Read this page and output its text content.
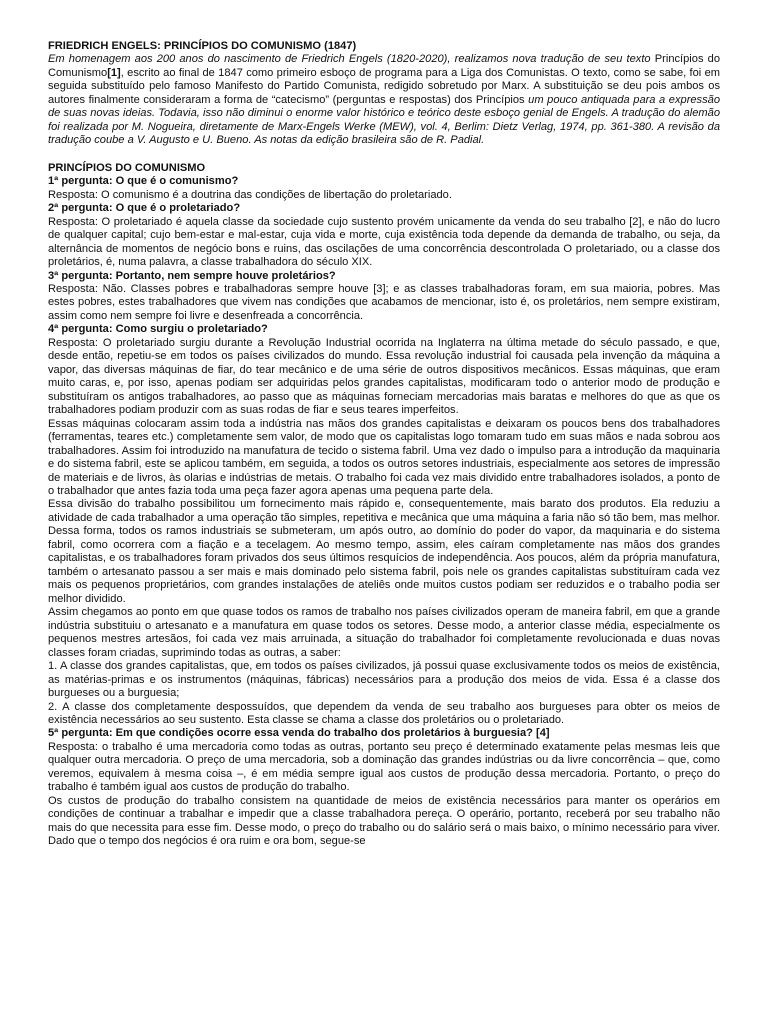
FRIEDRICH ENGELS: PRINCÍPIOS DO COMUNISMO (1847)

Em homenagem aos 200 anos do nascimento de Friedrich Engels (1820-2020), realizamos nova tradução de seu texto Princípios do Comunismo[1], escrito ao final de 1847 como primeiro esboço de programa para a Liga dos Comunistas. O texto, como se sabe, foi em seguida substituído pelo famoso Manifesto do Partido Comunista, redigido sobretudo por Marx. A substituição se deu pois ambos os autores finalmente consideraram a forma de “catecismo” (perguntas e respostas) dos Princípios um pouco antiquada para a expressão de suas novas ideias. Todavia, isso não diminui o enorme valor histórico e teórico deste esboço genial de Engels. A tradução do alemão foi realizada por M. Nogueira, diretamente de Marx-Engels Werke (MEW), vol. 4, Berlim: Dietz Verlag, 1974, pp. 361-380. A revisão da tradução coube a V. Augusto e U. Bueno. As notas da edição brasileira são de R. Padial.

PRINCÍPIOS DO COMUNISMO

1ª pergunta: O que é o comunismo?

Resposta: O comunismo é a doutrina das condições de libertação do proletariado.

2ª pergunta: O que é o proletariado?

Resposta: O proletariado é aquela classe da sociedade cujo sustento provém unicamente da venda do seu trabalho [2], e não do lucro de qualquer capital; cujo bem-estar e mal-estar, cuja vida e morte, cuja existência toda depende da demanda de trabalho, ou seja, da alternância de momentos de negócio bons e ruins, das oscilações de uma concorrência descontrolada O proletariado, ou a classe dos proletários, é, numa palavra, a classe trabalhadora do século XIX.

3ª pergunta: Portanto, nem sempre houve proletários?

Resposta: Não. Classes pobres e trabalhadoras sempre houve [3]; e as classes trabalhadoras foram, em sua maioria, pobres. Mas estes pobres, estes trabalhadores que vivem nas condições que acabamos de mencionar, isto é, os proletários, nem sempre existiram, assim como nem sempre foi livre e desenfreada a concorrência.

4ª pergunta: Como surgiu o proletariado?

Resposta: O proletariado surgiu durante a Revolução Industrial ocorrida na Inglaterra na última metade do século passado, e que, desde então, repetiu-se em todos os países civilizados do mundo. Essa revolução industrial foi causada pela invenção da máquina a vapor, das diversas máquinas de fiar, do tear mecânico e de uma série de outros dispositivos mecânicos. Essas máquinas, que eram muito caras, e, por isso, apenas podiam ser adquiridas pelos grandes capitalistas, modificaram todo o anterior modo de produção e substituíram os antigos trabalhadores, ao passo que as máquinas forneciam mercadorias mais baratas e melhores do que as que os trabalhadores podiam produzir com as suas rodas de fiar e seus teares imperfeitos.

Essas máquinas colocaram assim toda a indústria nas mãos dos grandes capitalistas e deixaram os poucos bens dos trabalhadores (ferramentas, teares etc.) completamente sem valor, de modo que os capitalistas logo tomaram tudo em suas mãos e nada sobrou aos trabalhadores. Assim foi introduzido na manufatura de tecido o sistema fabril. Uma vez dado o impulso para a introdução da maquinaria e do sistema fabril, este se aplicou também, em seguida, a todos os outros setores industriais, especialmente aos setores de impressão de materiais e de livros, às olarias e indústrias de metais. O trabalho foi cada vez mais dividido entre trabalhadores isolados, a ponto de o trabalhador que antes fazia toda uma peça fazer agora apenas uma pequena parte dela.

Essa divisão do trabalho possibilitou um fornecimento mais rápido e, consequentemente, mais barato dos produtos. Ela reduziu a atividade de cada trabalhador a uma operação tão simples, repetitiva e mecânica que uma máquina a faria não só tão bem, mas melhor. Dessa forma, todos os ramos industriais se submeteram, um após outro, ao domínio do poder do vapor, da maquinaria e do sistema fabril, como ocorrera com a fiação e a tecelagem. Ao mesmo tempo, assim, eles caíram completamente nas mãos dos grandes capitalistas, e os trabalhadores foram privados dos seus últimos resquícios de independência. Aos poucos, além da própria manufatura, também o artesanato passou a ser mais e mais dominado pelo sistema fabril, pois nele os grandes capitalistas substituíram cada vez mais os pequenos proprietários, com grandes instalações de ateliês onde muitos custos podiam ser reduzidos e o trabalho podia ser melhor dividido.

Assim chegamos ao ponto em que quase todos os ramos de trabalho nos países civilizados operam de maneira fabril, em que a grande indústria substituiu o artesanato e a manufatura em quase todos os setores. Desse modo, a anterior classe média, especialmente os pequenos mestres artesãos, foi cada vez mais arruinada, a situação do trabalhador foi completamente revolucionada e duas novas classes foram criadas, suprimindo todas as outras, a saber:

1. A classe dos grandes capitalistas, que, em todos os países civilizados, já possui quase exclusivamente todos os meios de existência, as matérias-primas e os instrumentos (máquinas, fábricas) necessários para a produção dos meios de vida. Essa é a classe dos burgueses ou a burguesia;

2. A classe dos completamente despossuídos, que dependem da venda de seu trabalho aos burgueses para obter os meios de existência necessários ao seu sustento. Esta classe se chama a classe dos proletários ou o proletariado.

5ª pergunta: Em que condições ocorre essa venda do trabalho dos proletários à burguesia? [4]

Resposta: o trabalho é uma mercadoria como todas as outras, portanto seu preço é determinado exatamente pelas mesmas leis que qualquer outra mercadoria. O preço de uma mercadoria, sob a dominação das grandes indústrias ou da livre concorrência – que, como veremos, equivalem à mesma coisa –, é em média sempre igual aos custos de produção dessa mercadoria. Portanto, o preço do trabalho é também igual aos custos de produção do trabalho.

Os custos de produção do trabalho consistem na quantidade de meios de existência necessários para manter os operários em condições de continuar a trabalhar e impedir que a classe trabalhadora pereça. O operário, portanto, receberá por seu trabalho não mais do que necessita para esse fim. Desse modo, o preço do trabalho ou do salário será o mais baixo, o mínimo necessário para viver. Dado que o tempo dos negócios é ora ruim e ora bom, segue-se
